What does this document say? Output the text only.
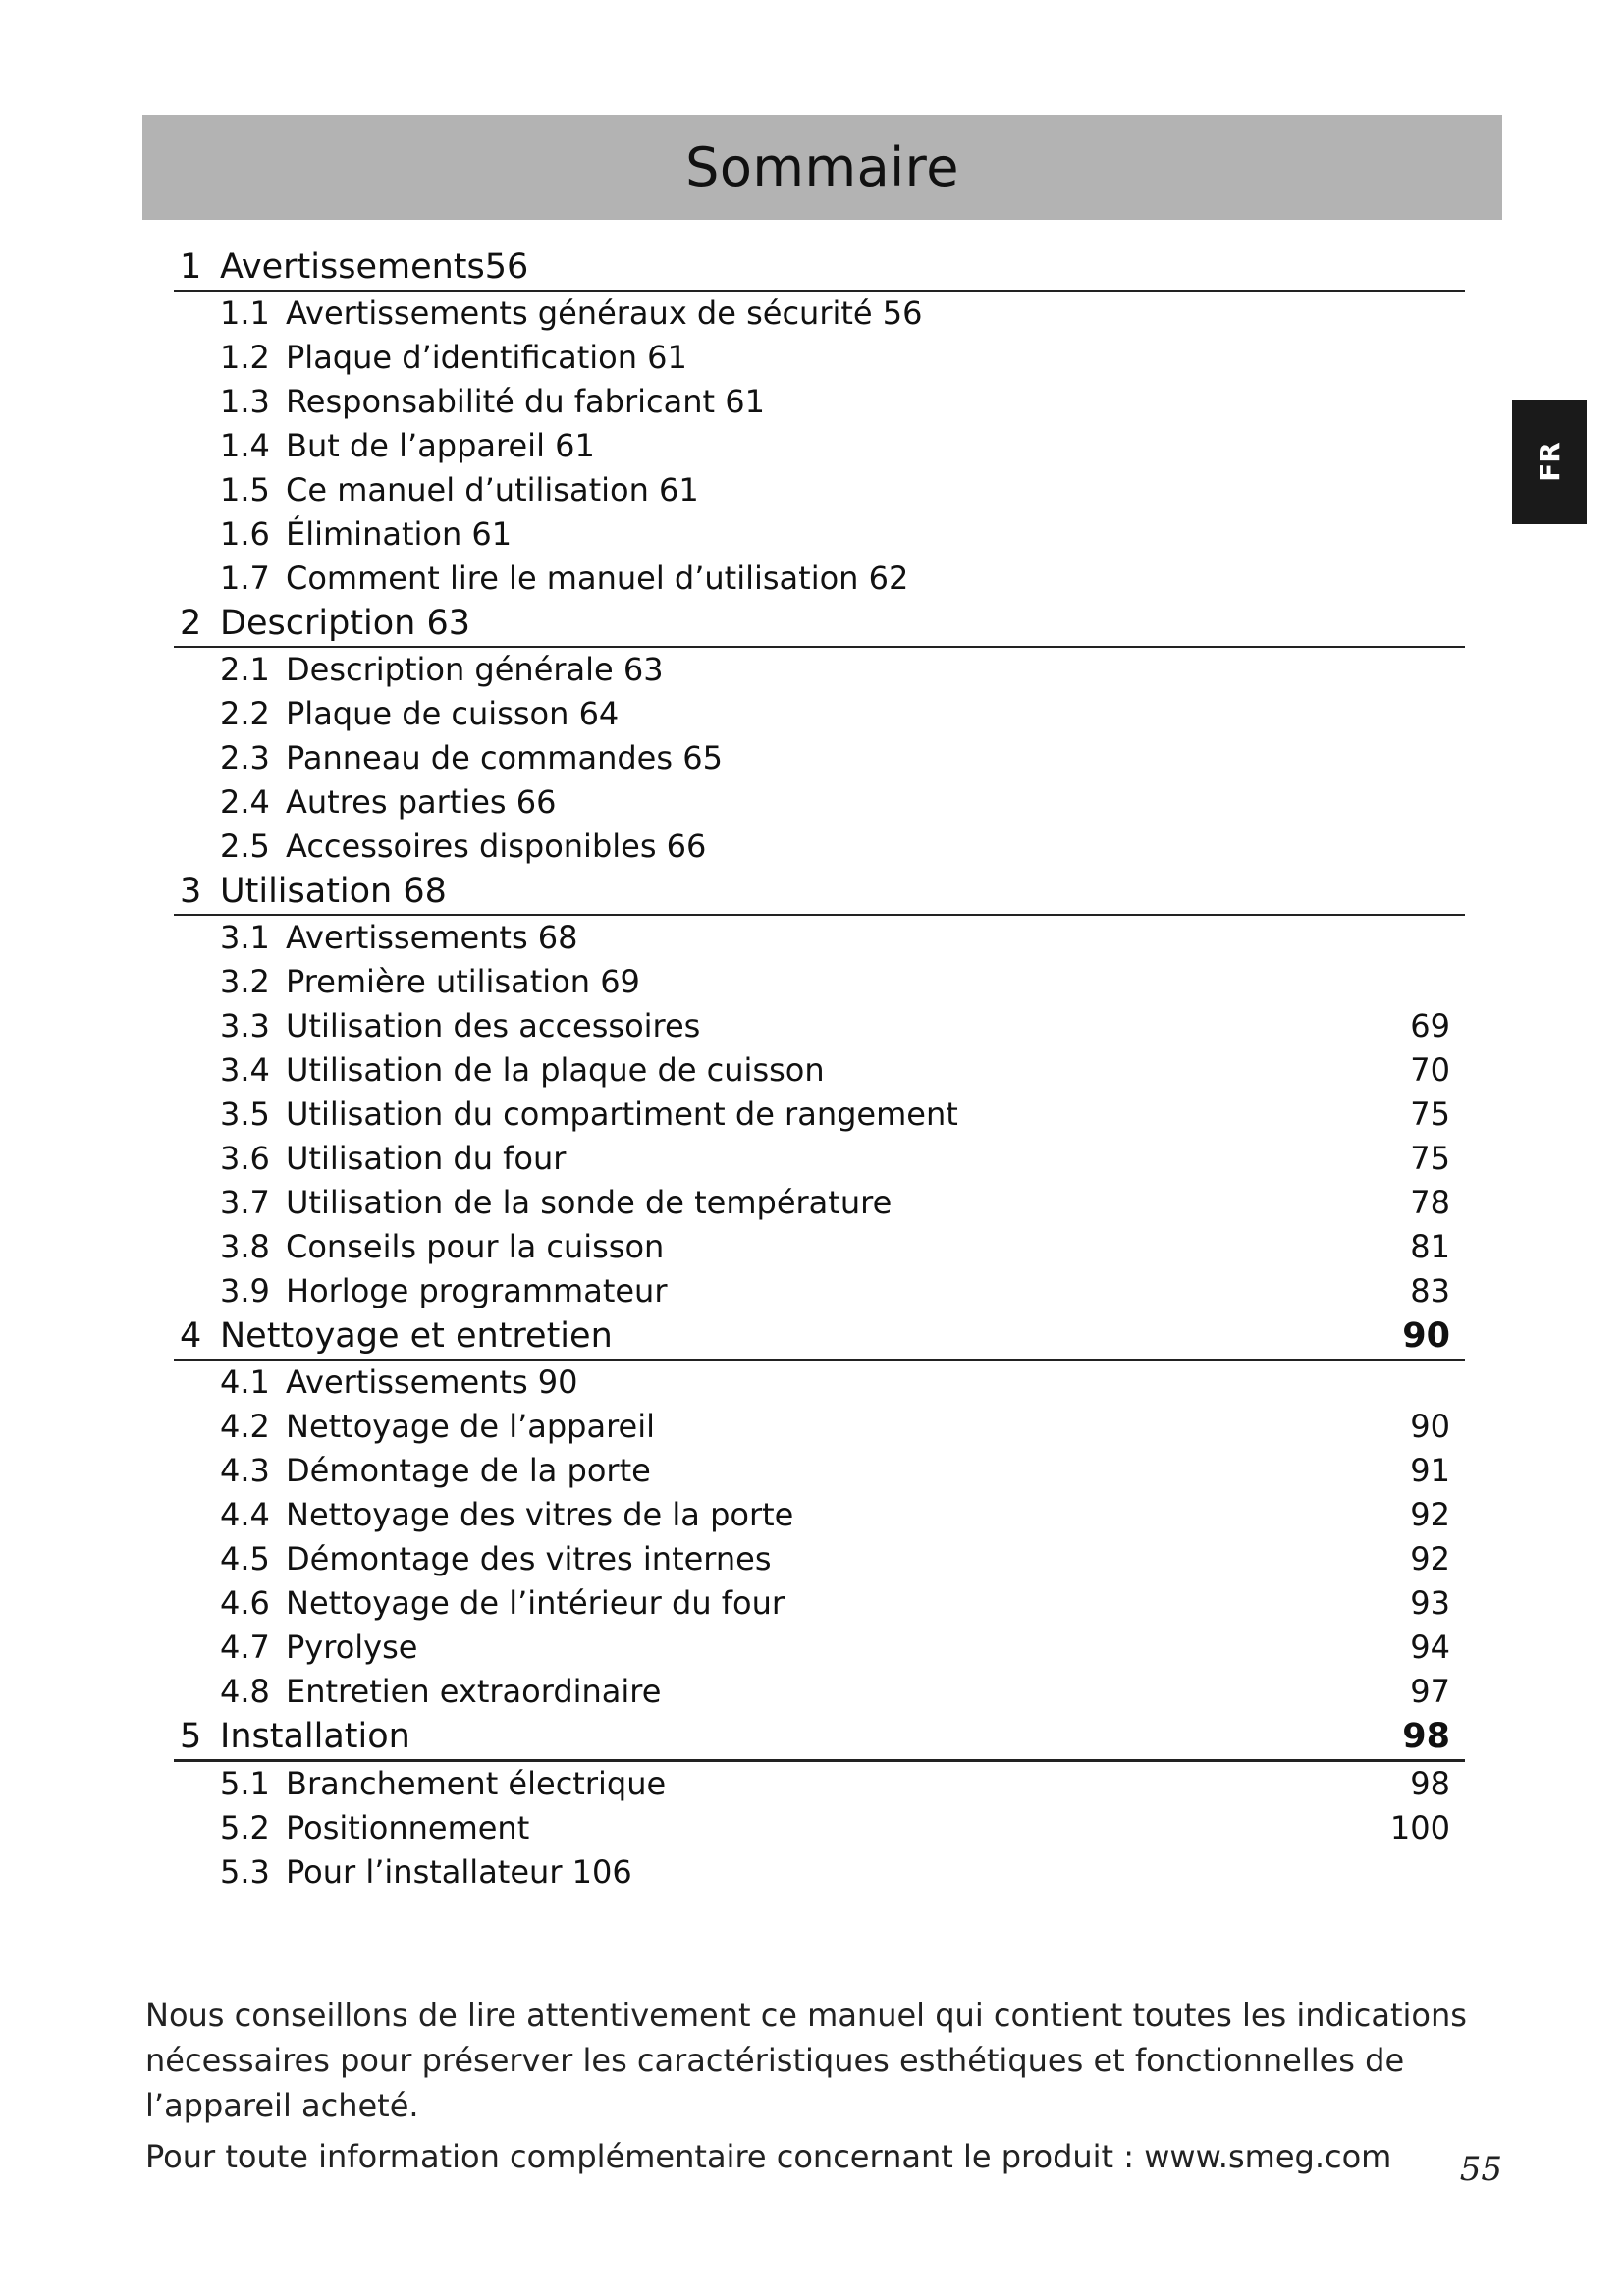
Sommaire
FR
1 Avertissements56
1.1 Avertissements généraux de sécurité 56
1.2 Plaque d’identification 61
1.3 Responsabilité du fabricant 61
1.4 But de l’appareil 61
1.5 Ce manuel d’utilisation 61
1.6 Élimination 61
1.7 Comment lire le manuel d’utilisation 62
2 Description 63
2.1 Description générale 63
2.2 Plaque de cuisson 64
2.3 Panneau de commandes 65
2.4 Autres parties 66
2.5 Accessoires disponibles 66
3 Utilisation 68
3.1 Avertissements 68
3.2 Première utilisation 69
3.3 Utilisation des accessoires	69
3.4 Utilisation de la plaque de cuisson	70
3.5 Utilisation du compartiment de rangement	75
3.6 Utilisation du four	75
3.7 Utilisation de la sonde de température	78
3.8 Conseils pour la cuisson	81
3.9 Horloge programmateur	83
4 Nettoyage et entretien	90
4.1 Avertissements 90
4.2 Nettoyage de l’appareil	90
4.3 Démontage de la porte	91
4.4 Nettoyage des vitres de la porte	92
4.5 Démontage des vitres internes	92
4.6 Nettoyage de l’intérieur du four	93
4.7 Pyrolyse	94
4.8 Entretien extraordinaire	97
5 Installation	98
5.1 Branchement électrique	98
5.2 Positionnement	100
5.3 Pour l’installateur 106

Nous conseillons de lire attentivement ce manuel qui contient toutes les indications nécessaires pour préserver les caractéristiques esthétiques et fonctionnelles de l’appareil acheté.

Pour toute information complémentaire concernant le produit : www.smeg.com	55
